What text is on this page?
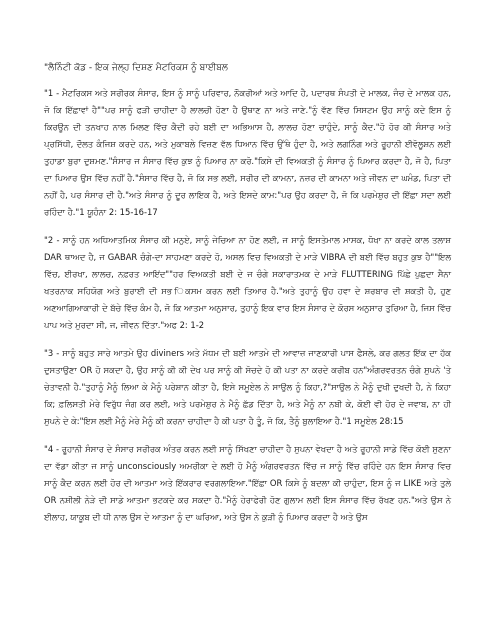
"ਲੈਨਿੰਟੀ ਕੋਡ - ਇਕ ਜੇਲ੍ਹ ਦਿਸ਼ਣ ਮੈਟਰਿਕਸ ਨੂੰ ਬਾਈਬਲ

"1 - ਮੈਟਰਿਕਸ ਅਤੇ ਸਰੀਰਕ ਸੰਸਾਰ, ਇਸ ਨੂੰ ਸਾਨੂੰ ਪਰਿਵਾਰ, ਨੌਕਰੀਆਂ ਅਤੇ ਆਦਿ ਹੈ, ਪਦਾਰਥ ਸੰਪਤੀ ਦੇ ਮਾਲਕ, ਜੰਚ ਦੇ ਮਾਲਕ ਹਨ, ਜੋ ਕਿ ਇੱਛਾਵਾਂ ਹੈ""ਪਰ ਸਾਨੂੰ ਫੜੀ ਚਾਹੀਦਾ ਹੈ ਲਾਲਚੀ ਹੋਣਾ ਹੈ ਉਥਾਣ ਨਾ ਅਤੇ ਜਾਣੇ."ਨੂੰ ਵੱਣ ਵਿੱਚ ਸਿਸਟਮ ਉਹ ਸਾਨੂੰ ਕਦੇ ਇਸ ਨੂੰ ਕਿਰਊਨ ਦੀ ਤਨਖਾਹ ਨਾਲ ਮਿਲਣ ਵਿੱਚ ਕੈਦੀ ਰਹੇ ਬਈ ਦਾ ਅਭਿਆਸ ਹੈ, ਲਾਲਚ ਹੋਣਾ ਚਾਹੁੰਦੇ, ਸਾਨੂੰ ਕੈਦ."ਹੋ ਹੋਰ ਕੀ ਸੰਸਾਰ ਅਤੇ ਪ੍ਰਸਿੱਧੀ, ਦੌਲਤ ਕੰਜਿਸ਼ ਕਰਦੇ ਹਨ, ਅਤੇ ਮੁਕਾਬਲੇ ਵਿਜ਼ਣ ਵੱਲ ਧਿਆਨ ਵਿੱਚ ਉੱਥੇ ਹੁੰਦਾ ਹੈ, ਅਤੇ ਲਗਨਿੰਗ ਅਤੇ ਰੂਹਾਨੀ ਈਵੋਲੂਸ਼ਨ ਲਈ ਤੁਹਾਡਾ ਬੁਰਾ ਦੁਸ਼ਮਣ."ਸੰਸਾਰ ਜ ਸੰਸਾਰ ਵਿੱਚ ਕੁਝ ਨੂੰ ਪਿਆਰ ਨਾ ਕਰੋ."ਕਿਸੇ ਦੀ ਵਿਅਕਤੀ ਨੂੰ ਸੰਸਾਰ ਨੂੰ ਪਿਆਰ ਕਰਦਾ ਹੈ, ਜੋ ਹੈ, ਪਿਤਾ ਦਾ ਪਿਆਰ ਉਸ ਵਿੱਚ ਨਹੀਂ ਹੈ."ਸੰਸਾਰ ਵਿੱਚ ਹੈ, ਜੋ ਕਿ ਸਭ ਲਈ, ਸਰੀਰ ਦੀ ਕਾਮਨਾ, ਨਜ਼ਰ ਦੀ ਕਾਮਨਾ ਅਤੇ ਜੀਵਨ ਦਾ ਘਮੰਡ, ਪਿਤਾ ਦੀ ਨਹੀਂ ਹੈ, ਪਰ ਸੰਸਾਰ ਦੀ ਹੈ."ਅਤੇ ਸੰਸਾਰ ਨੂੰ ਦੂਰ ਲਾਇਕ ਹੈ, ਅਤੇ ਇਸਦੇ ਕਾਮ:"ਪਰ ਉਹ ਕਰਦਾ ਹੈ, ਜੋ ਕਿ ਪਰਮੇਸ਼ੁਰ ਦੀ ਇੱਛਾ ਸਦਾ ਲਈ ਰਹਿੰਦਾ ਹੈ."1 ਯੂਹੰਨਾ 2: 15-16-17

"2 - ਸਾਨੂੰ ਹਨ ਅਧਿਆਤਮਿਕ ਸੰਸਾਰ ਕੀ ਮਨੁਏ, ਸਾਨੂੰ ਜੇਚਿਆ ਨਾ ਹੋਣ ਲਈ, ਜ ਸਾਨੂੰ ਇਸਤੇਮਾਲ ਮਾਸਕ, ਧੋਖਾ ਨਾ ਕਰਦੇ ਕਾਲ ਤਲਾਸ਼ DAR ਥਾਅਦ ਹੈ, ਜ GABAR ਚੰਗੇ-ਦਾ ਸਾਹਮਣਾ ਕਰਦੇ ਹੋ, ਅਸਲ ਵਿਚ ਵਿਅਕਤੀ ਦੇ ਮਾੜੇ VIBRA ਦੀ ਬਈ ਵਿੱਚ ਬਹੁਤ ਕੁਝ ਹੈ""ਇਲ ਵਿੱਚ, ਈਰਖਾ, ਲਾਲਚ, ਨਫ਼ਰਤ ਆਇਂਦ""ਹਰ ਵਿਅਕਤੀ ਬਈ ਦੇ ਜ ਚੰਗੇ ਸਕਾਰਾਤਮਕ ਦੇ ਮਾੜੇ FLUTTERING ਪਿੱਛੇ ਪੁਛਦਾ ਸੈਨਾ ਖਤਰਨਾਕ ਸਹਿਯੋਗ ਅਤੇ ਬੁਰਾਈ ਦੀ ਸਭ ਿਕਸਮ ਕਰਨ ਲਈ ਤਿਆਰ ਹੈ."ਅਤੇ ਤੁਹਾਨੂੰ ਉਹ ਹਵਾ ਦੇ ਸ਼ਰਬਾਰ ਦੀ ਸ਼ਕਤੀ ਹੈ, ਹੁਣ ਅਣਆਗਿਆਕਾਰੀ ਦੇ ਬੱਚੇ ਵਿੱਚ ਕੰਮ ਹੈ, ਜੋ ਕਿ ਆਤਮਾ ਅਨੁਸਾਰ, ਤੁਹਾਨੂੰ ਇਕ ਵਾਰ ਇਸ ਸੰਸਾਰ ਦੇ ਕੋਰਸ ਅਨੁਸਾਰ ਤੁਰਿਆ ਹੈ, ਜਿਸ ਵਿੱਚ ਪਾਪ ਅਤੇ ਮੁਰਦਾ ਸੀ, ਜ, ਜੀਵਨ ਦਿੱਤਾ."ਅਫ 2: 1-2

"3 - ਸਾਨੂੰ ਬਹੁਤ ਸਾਰੇ ਆਤਮੇ ਉਹ diviners ਅਤੇ ਮੱਧਮ ਦੀ ਬਈ ਆਤਮੇ ਦੀ ਆਵਾਜ਼ ਜਾਣਕਾਰੀ ਪਾਸ ਫੈਸਲੇ, ਕਰ ਗਲਤ ਇੱਕ ਦਾ ਹੱਕ ਦੁਸਤਾਉਣਾ OR ਹੋ ਸਕਦਾ ਹੈ, ਉਹ ਸਾਨੂੰ ਕੀ ਕੀ ਦੇਖ ਪਰ ਸਾਨੂੰ ਕੀ ਸੋਚਦੇ ਹੋ ਕੀ ਪਤਾ ਨਾ ਕਰਦੇ ਕਰੀਬ ਹਨ"ਅੰਗਰਵਰਤਨ ਚੰਗੇ ਸੁਪਨੇ 'ਤੇ ਚੇਤਾਵਨੀ ਹੈ."ਤੁਹਾਨੂੰ ਮੈਨੂੰ ਲਿਆ ਕੇ ਮੈਨੂੰ ਪਰੇਸ਼ਾਨ ਕੀਤਾ ਹੈ, ਇਸੇ ਸਮੂਏਲ ਨੇ ਸਾਉਲ ਨੂੰ ਕਿਹਾ,?"ਸਾਉਲ ਨੇ ਮੈਨੂੰ ਦੁਖੀ ਦੁਖਦੀ ਹੈ, ਨੇ ਕਿਹਾ ਕਿ; ਫ਼ਲਿਸਤੀ ਮੇਰੇ ਵਿਰੁੱਧ ਜੰਗ ਕਰ ਲਈ, ਅਤੇ ਪਰਮੇਸ਼ੁਰ ਨੇ ਮੈਨੂੰ ਛੱਡ ਦਿੱਤਾ ਹੈ, ਅਤੇ ਮੈਨੂੰ ਨਾ ਨਬੀ ਕੇ, ਕੋਈ ਵੀ ਹੋਰ ਦੇ ਜਵਾਬ, ਨਾ ਹੀ ਸੁਪਨੇ ਦੇ ਕੇ:"ਇਸ ਲਈ ਮੈਨੂੰ ਮੇਰੇ ਮੈਨੂੰ ਕੀ ਕਰਨਾ ਚਾਹੀਦਾ ਹੈ ਕੀ ਪਤਾ ਹੈ ਤੂੰ, ਜੋ ਕਿ, ਤੈਨੂੰ ਬੁਲਾਇਆ ਹੈ."1 ਸਮੂਏਲ 28:15

"4 - ਰੂਹਾਨੀ ਸੰਸਾਰ ਦੇ ਸੰਸਾਰ ਸਰੀਰਕ ਅੰਤਰ ਕਰਨ ਲਈ ਸਾਨੂੰ ਸਿੱਖਣਾ ਚਾਹੀਦਾ ਹੈ ਸੁਪਨਾ ਵੇਖਦਾ ਹੈ ਅਤੇ ਰੂਹਾਨੀ ਸਾਡੇ ਵਿੱਚ ਕੋਈ ਸੁਣਨਾ ਦਾ ਵੱਡਾ ਕੀਤਾ ਜ ਸਾਨੂੰ unconsciously ਅਮਰੀਕਾ ਦੇ ਲਈ ਹੋ ਮੈਨੂੰ ਅੰਗਰਵਰਤਨ ਵਿੱਚ ਜ ਸਾਨੂੰ ਵਿੱਚ ਰਹਿੰਦੇ ਹਨ ਇਸ ਸੰਸਾਰ ਵਿਚ ਸਾਨੂੰ ਕੈਦ ਕਰਨ ਲਈ ਹੋਰ ਦੀ ਆਤਮਾ ਅਤੇ ਇੱਕਰਾਰ ਵਰਗਲਾਇਆ."ਇੱਛਾ OR ਕਿਸੇ ਨੂੰ ਬਦਲਾ ਕੀ ਚਾਹੁੰਦਾ, ਇਸ ਨੂੰ ਜ LIKE ਅਤੇ ਤੁਲੇ OR ਨਸ਼ੀਲੀ ਨੇੜੇ ਦੀ ਸਾਡੇ ਆਤਮਾ ਭਟਕਦੇ ਕਰ ਸਕਦਾ ਹੈ."ਮੈਨੂੰ ਹੇਰਾਫੇਰੀ ਹੋਣ ਗੁਲਾਮ ਲਈ ਇਸ ਸੰਸਾਰ ਵਿੱਚ ਰੱਖਣ ਹਨ."ਅਤੇ ਉਸ ਨੇ ਈਲਾਹ, ਯਾਕੂਬ ਦੀ ਧੀ ਨਾਲ ਉਸ ਦੇ ਆਤਮਾ ਨੂੰ ਦਾ ਘਰਿਆ, ਅਤੇ ਉਸ ਨੇ ਕੁੜੀ ਨੂੰ ਪਿਆਰ ਕਰਦਾ ਹੈ ਅਤੇ ਉਸ
